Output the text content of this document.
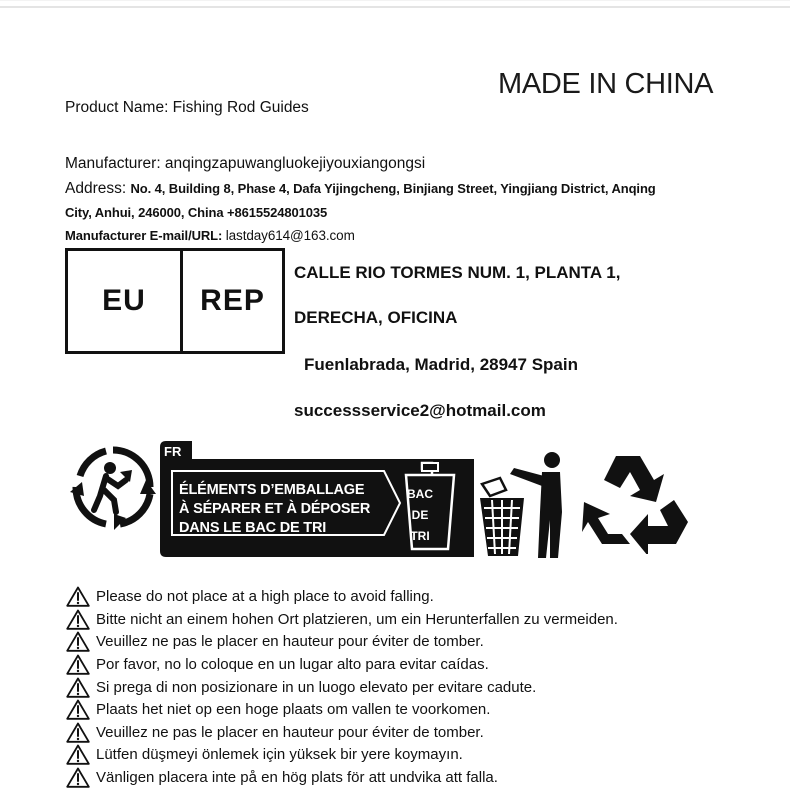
MADE IN CHINA
Product Name: Fishing Rod Guides
Manufacturer: anqingzapuwangluokejiyouxiangongsi
Address: No. 4, Building 8, Phase 4, Dafa Yijingcheng, Binjiang Street, Yingjiang District, Anqing
City, Anhui, 246000, China +8615524801035
Manufacturer E-mail/URL: lastday614@163.com
EU	REP
CALLE RIO TORMES NUM. 1, PLANTA 1,
DERECHA, OFICINA
Fuenlabrada, Madrid, 28947 Spain
successservice2@hotmail.com
FR
ÉLÉMENTS D’EMBALLAGE
À SÉPARER ET À DÉPOSER
DANS LE BAC DE TRI
BAC
DE
TRI
Please do not place at a high place to avoid falling.
Bitte nicht an einem hohen Ort platzieren, um ein Herunterfallen zu vermeiden.
Veuillez ne pas le placer en hauteur pour éviter de tomber.
Por favor, no lo coloque en un lugar alto para evitar caídas.
Si prega di non posizionare in un luogo elevato per evitare cadute.
Plaats het niet op een hoge plaats om vallen te voorkomen.
Veuillez ne pas le placer en hauteur pour éviter de tomber.
Lütfen düşmeyi önlemek için yüksek bir yere koymayın.
Vänligen placera inte på en hög plats för att undvika att falla.
